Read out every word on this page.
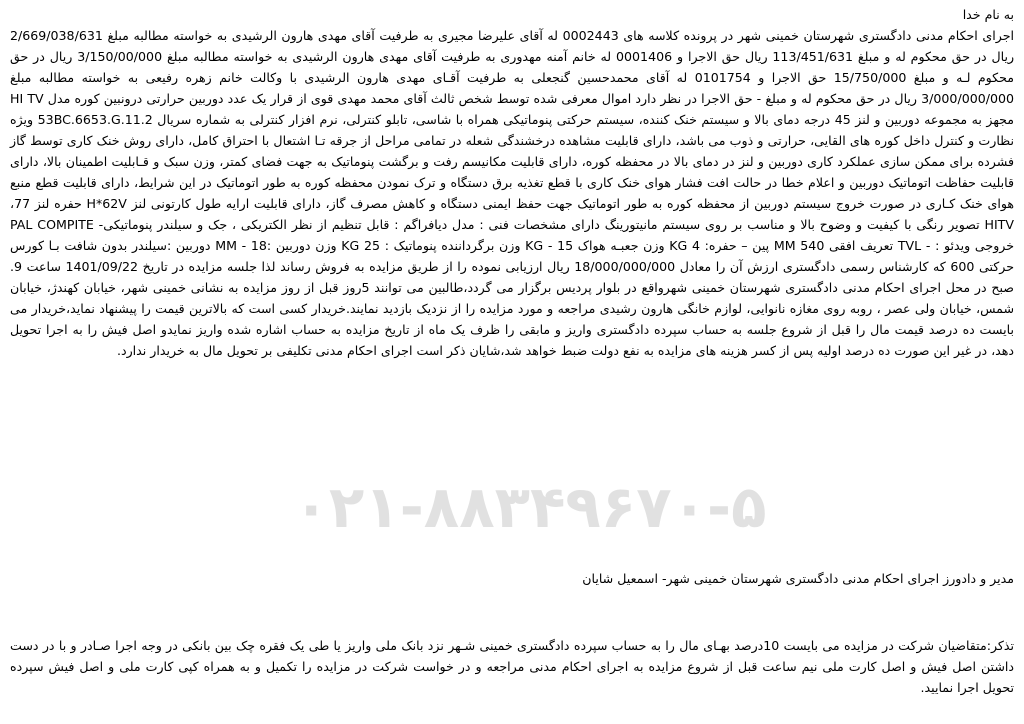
به نام خدا
اجرای احکام مدنی دادگستری شهرستان خمینی شهر در پرونده کلاسه های 0002443 له آقای علیرضا مجیری به طرفیت آقای مهدی هارون الرشیدی به خواسته مطالبه مبلغ 2/669/038/631 ریال در حق محکوم له و مبلغ 113/451/631 ریال حق الاجرا و 0001406 له خانم آمنه مهدوری به طرفیت آقای مهدی هارون الرشیدی به خواسته مطالبه مبلغ 3/150/00/000 ریال در حق محکوم لـه و مبلغ 15/750/000 حق الاجرا و 0101754 له آقای محمدحسین گنجعلی به طرفیت آقـای مهدی هارون الرشیدی با وکالت خانم زهره رفیعی به خواسته مطالبه مبلغ 3/000/000/000 ریال در حق محکوم له و مبلغ - حق الاجرا در نظر دارد اموال معرفی شده توسط شخص ثالث آقای محمد مهدی قوی از قرار یک عدد دوربین حرارتی درونبین کوره مدل HI TV مجهز به مجموعه دوربین و لنز 45 درجه دمای بالا و سیستم خنک کننده، سیستم حرکتی پنوماتیکی همراه با شاسی، تابلو کنترلی، نرم افزار کنترلی به شماره سریال 53BC.6653.G.11.2 ویژه نظارت و کنترل داخل کوره های القایی، حرارتی و ذوب می باشد، دارای قابلیت مشاهده درخشندگی شعله در تمامی مراحل از جرقه تـا اشتعال با احتراق کامل، دارای روش خنک کاری توسط گاز فشرده برای ممکن سازی عملکرد کاری دوربین و لنز در دمای بالا در محفظه کوره، دارای قابلیت مکانیسم رفت و برگشت پنوماتیک به جهت فضای کمتر، وزن سبک و قـابلیت اطمینان بالا، دارای قابلیت حفاظت اتوماتیک دوربین و اعلام خطا در حالت افت فشار هوای خنک کاری با قطع تغذیه برق دستگاه و ترک نمودن محفظه کوره به طور اتوماتیک در این شرایط، دارای قابلیت قطع منبع هوای خنک کـاری در صورت خروج سیستم دوربین از محفظه کوره به طور اتوماتیک جهت حفظ ایمنی دستگاه و کاهش مصرف گاز، دارای قابلیت ارایه طول کارتونی لنز H*62V حفره لنز 77، HITV تصویر رنگی با کیفیت و وضوح بالا و مناسب بر روی سیستم مانیتورینگ دارای مشخصات فنی : مدل دیافراگم : قابل تنظیم از نظر الکتریکی ، جک و سیلندر پنوماتیکی- PAL COMPITE خروجی ویدئو : - TVL تعریف افقی 540 MM پین – حفره: 4 KG وزن جعبـه هواک 15 - KG وزن برگرداننده پنوماتیک : 25 KG وزن دوربین :18 - MM دوربین :سیلندر بدون شافت بـا کورس حرکتی 600 که کارشناس رسمی دادگستری ارزش آن را معادل 18/000/000/000 ریال ارزیابی نموده را از طریق مزایده به فروش رساند لذا جلسه مزایده در تاریخ 1401/09/22 ساعت 9. صبح در محل اجرای احکام مدنی دادگستری شهرستان خمینی شهرواقع در بلوار پردیس برگزار می گردد،طالبین می توانند 5روز قبل از روز مزایده به نشانی خمینی شهر، خیابان کهندژ، خیابان شمس، خیابان ولی عصر ، روبه روی مغازه نانوایی، لوازم خانگی هارون رشیدی مراجعه و مورد مزایده را از نزدیک بازدید نمایند.خریدار کسی است که بالاترین قیمت را پیشنهاد نماید،خریدار می بایست ده درصد قیمت مال را قبل از شروع جلسه به حساب سپرده دادگستری واریز و مابقی را ظرف یک ماه از تاریخ مزایده به حساب اشاره شده واریز نمایدو اصل فیش را به اجرا تحویل دهد، در غیر این صورت ده درصد اولیه پس از کسر هزینه های مزایده به نفع دولت ضبط خواهد شد،شایان ذکر است اجرای احکام مدنی تکلیفی بر تحویل مال به خریدار ندارد.
۰۲۱-۸۸۳۴۹۶۷۰-۵
مدیر و دادورز اجرای احکام مدنی دادگستری شهرستان خمینی شهر- اسمعیل شایان
تذکر:متقاضیان شرکت در مزایده می بایست 10درصد بهـای مال را به حساب سپرده دادگستری خمینی شـهر نزد بانک ملی واریز یا طی یک فقره چک بین بانکی در وجه اجرا صـادر و با در دست داشتن اصل فیش و اصل کارت ملی نیم ساعت قبل از شروع مزایده به اجرای احکام مدنی مراجعه و در خواست شرکت در مزایده را تکمیل و به همراه کپی کارت ملی و اصل فیش سپرده تحویل اجرا نمایید.
